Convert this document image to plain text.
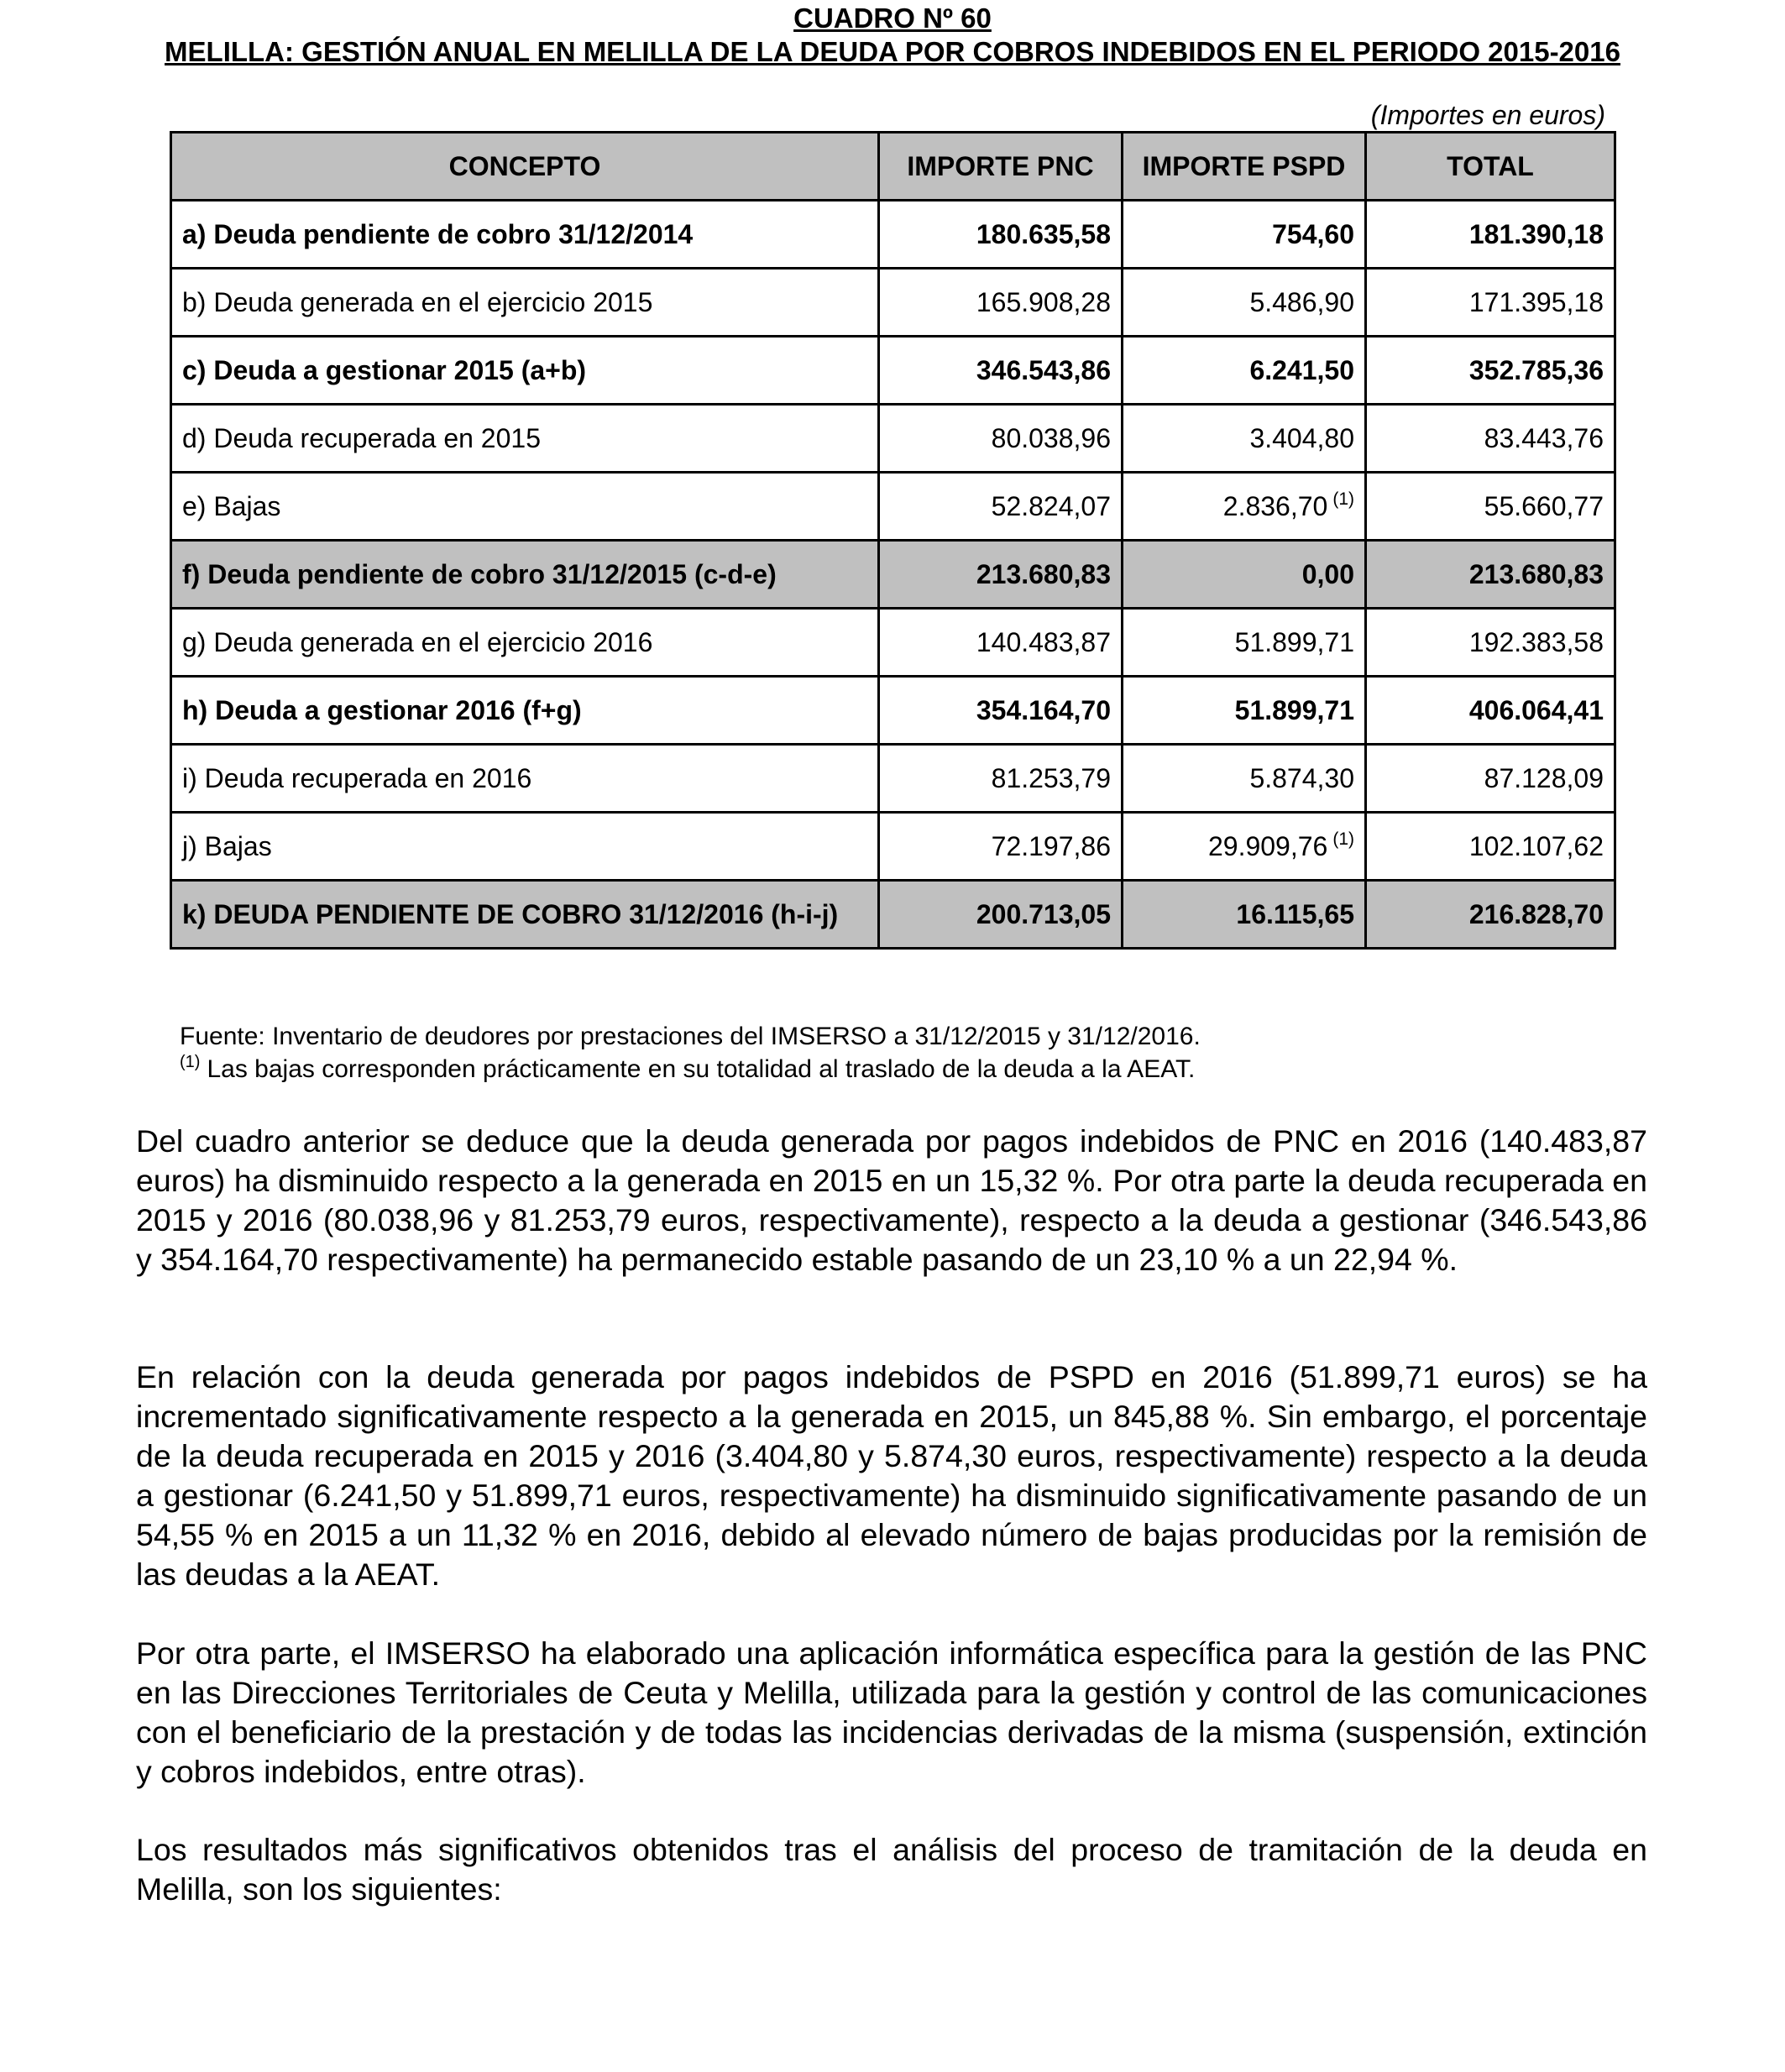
CUADRO Nº 60
MELILLA: GESTIÓN ANUAL EN MELILLA DE LA DEUDA POR COBROS INDEBIDOS EN EL PERIODO 2015-2016
(Importes en euros)
CONCEPTO	IMPORTE PNC	IMPORTE PSPD	TOTAL
a) Deuda pendiente de cobro 31/12/2014	180.635,58	754,60	181.390,18
b) Deuda generada en el ejercicio 2015	165.908,28	5.486,90	171.395,18
c) Deuda a gestionar 2015 (a+b)	346.543,86	6.241,50	352.785,36
d) Deuda recuperada en 2015	80.038,96	3.404,80	83.443,76
e) Bajas	52.824,07	2.836,70 $^{(1)}$	55.660,77
f) Deuda pendiente de cobro 31/12/2015 (c-d-e)	213.680,83	0,00	213.680,83
g) Deuda generada en el ejercicio 2016	140.483,87	51.899,71	192.383,58
h) Deuda a gestionar 2016 (f+g)	354.164,70	51.899,71	406.064,41
i) Deuda recuperada en 2016	81.253,79	5.874,30	87.128,09
j) Bajas	72.197,86	29.909,76 $^{(1)}$	102.107,62
k) DEUDA PENDIENTE DE COBRO 31/12/2016 (h-i-j)	200.713,05	16.115,65	216.828,70

Fuente: Inventario de deudores por prestaciones del IMSERSO a 31/12/2015 y 31/12/2016.

$^{(1)}$ Las bajas corresponden prácticamente en su totalidad al traslado de la deuda a la AEAT.

Del cuadro anterior se deduce que la deuda generada por pagos indebidos de PNC en 2016 (140.483,87 euros) ha disminuido respecto a la generada en 2015 en un 15,32 %. Por otra parte la deuda recuperada en 2015 y 2016 (80.038,96 y 81.253,79 euros, respectivamente), respecto a la deuda a gestionar (346.543,86 y 354.164,70 respectivamente) ha permanecido estable pasando de un 23,10 % a un 22,94 %.

En relación con la deuda generada por pagos indebidos de PSPD en 2016 (51.899,71 euros) se ha incrementado significativamente respecto a la generada en 2015, un 845,88 %. Sin embargo, el porcentaje de la deuda recuperada en 2015 y 2016 (3.404,80 y 5.874,30 euros, respectivamente) respecto a la deuda a gestionar (6.241,50 y 51.899,71 euros, respectivamente) ha disminuido significativamente pasando de un 54,55 % en 2015 a un 11,32 % en 2016, debido al elevado número de bajas producidas por la remisión de las deudas a la AEAT.

Por otra parte, el IMSERSO ha elaborado una aplicación informática específica para la gestión de las PNC en las Direcciones Territoriales de Ceuta y Melilla, utilizada para la gestión y control de las comunicaciones con el beneficiario de la prestación y de todas las incidencias derivadas de la misma (suspensión, extinción y cobros indebidos, entre otras).

Los resultados más significativos obtenidos tras el análisis del proceso de tramitación de la deuda en Melilla, son los siguientes:
